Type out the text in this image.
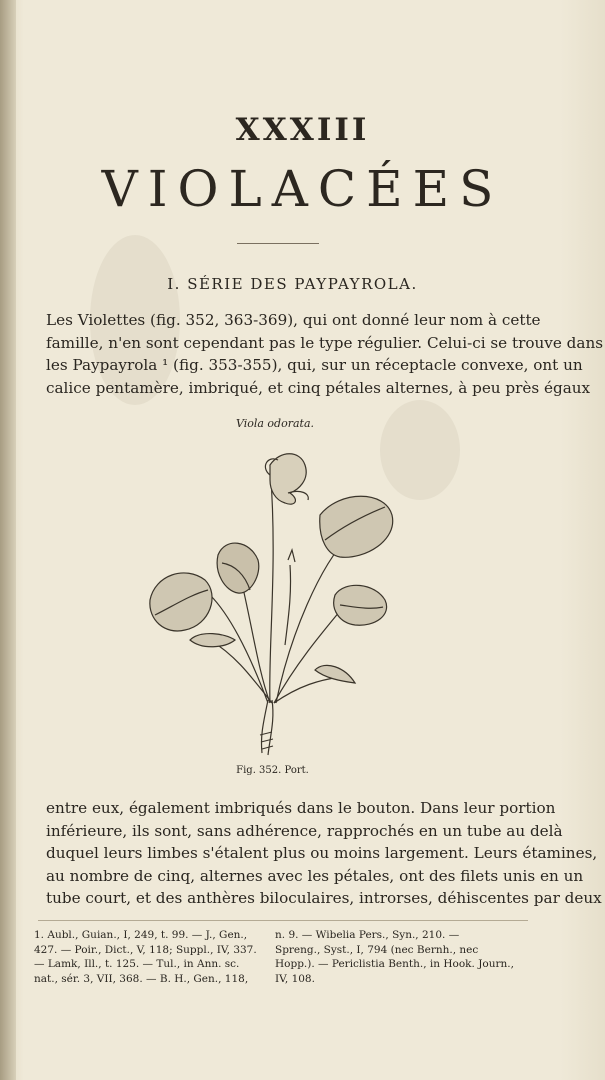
XXXIII
VIOLACÉES
I. SÉRIE DES PAYPAYROLA.
Les Violettes (fig. 352, 363-369), qui ont donné leur nom à cette
famille, n'en sont cependant pas le type régulier. Celui-ci se trouve dans
les Paypayrola ¹ (fig. 353-355), qui, sur un réceptacle convexe, ont un
calice pentamère, imbriqué, et cinq pétales alternes, à peu près égaux
Viola odorata.
Fig. 352. Port.
entre eux, également imbriqués dans le bouton. Dans leur portion
inférieure, ils sont, sans adhérence, rapprochés en un tube au delà
duquel leurs limbes s'étalent plus ou moins largement. Leurs étamines,
au nombre de cinq, alternes avec les pétales, ont des filets unis en un
tube court, et des anthères biloculaires, introrses, déhiscentes par deux
1. Aubl., Guian., I, 249, t. 99. — J., Gen.,
427. — Poir., Dict., V, 118; Suppl., IV, 337.
— Lamk, Ill., t. 125. — Tul., in Ann. sc.
nat., sér. 3, VII, 368. — B. H., Gen., 118,
n. 9. — Wibelia Pers., Syn., 210. —
Spreng., Syst., I, 794 (nec Bernh., nec
Hopp.). — Periclistia Benth., in Hook. Journ.,
IV, 108.
